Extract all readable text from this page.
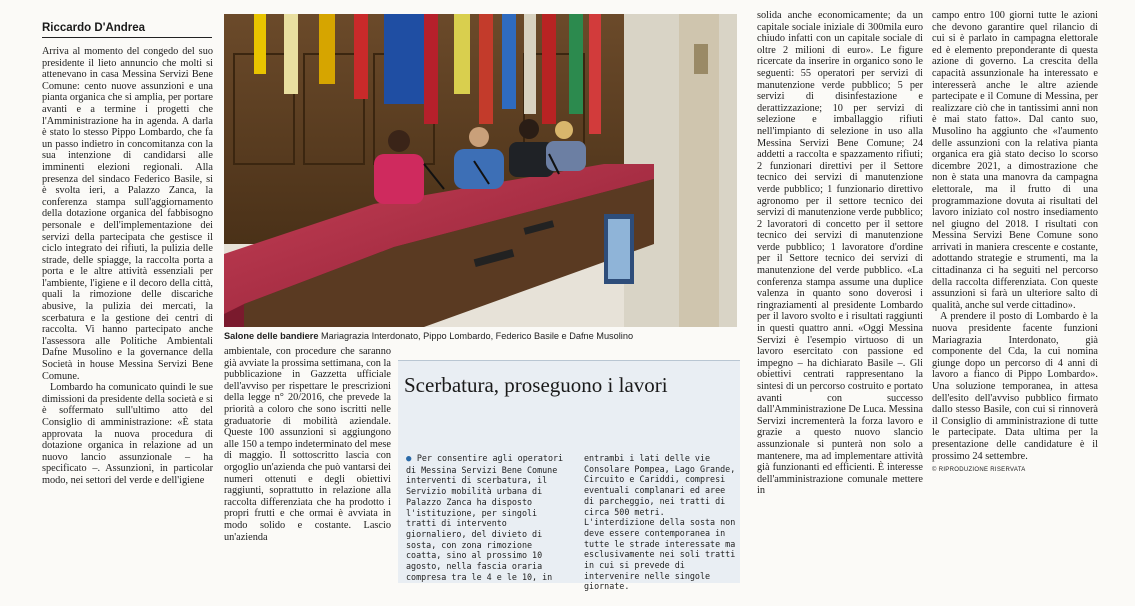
Riccardo D'Andrea

Arriva al momento del congedo del suo presidente il lieto annuncio che molti si attenevano in casa Messina Servizi Bene Comune: cento nuove assunzioni e una pianta organica che si amplia, per portare avanti e a termine i progetti che l'Amministrazione ha in agenda. A darla è stato lo stesso Pippo Lombardo, che fa un passo indietro in concomitanza con la sua intenzione di candidarsi alle imminenti elezioni regionali. Alla presenza del sindaco Federico Basile, si è svolta ieri, a Palazzo Zanca, la conferenza stampa sull'aggiornamento della dotazione organica del fabbisogno personale e dell'implementazione dei servizi della partecipata che gestisce il ciclo integrato dei rifiuti, la pulizia delle strade, delle spiagge, la raccolta porta a porta e le altre attività essenziali per l'ambiente, l'igiene e il decoro della città, quali la rimozione delle discariche abusive, la pulizia dei mercati, la scerbatura e la gestione dei centri di raccolta. Vi hanno partecipato anche l'assessora alle Politiche Ambientali Dafne Musolino e la governance della Società in house Messina Servizi Bene Comune.

Lombardo ha comunicato quindi le sue dimissioni da presidente della società e si è soffermato sull'ultimo atto del Consiglio di amministrazione: «È stata approvata la nuova procedura di dotazione organica in relazione ad un nuovo lancio assunzionale – ha specificato –. Assunzioni, in particolar modo, nei settori del verde e dell'igiene

Salone delle bandiere Mariagrazia Interdonato, Pippo Lombardo, Federico Basile e Dafne Musolino

ambientale, con procedure che saranno già avviate la prossima settimana, con la pubblicazione in Gazzetta ufficiale dell'avviso per rispettare le prescrizioni della legge n° 20/2016, che prevede la priorità a coloro che sono iscritti nelle graduatorie di mobilità aziendale. Queste 100 assunzioni si aggiungono alle 150 a tempo indeterminato del mese di maggio. Il sottoscritto lascia con orgoglio un'azienda che può vantarsi dei numeri ottenuti e degli obiettivi raggiunti, soprattutto in relazione alla raccolta differenziata che ha prodotto i propri frutti e che ormai è avviata in modo solido e costante. Lascio un'azienda

Scerbatura, proseguono i lavori
● Per consentire agli operatori di Messina Servizi Bene Comune interventi di scerbatura, il Servizio mobilità urbana di Palazzo Zanca ha disposto l'istituzione, per singoli tratti di intervento giornaliero, del divieto di sosta, con zona rimozione coatta, sino al prossimo 10 agosto, nella fascia oraria compresa tra le 4 e le 10, in
entrambi i lati delle vie Consolare Pompea, Lago Grande, Circuito e Cariddi, compresi eventuali complanari ed aree di parcheggio, nei tratti di circa 500 metri. L'interdizione della sosta non deve essere contemporanea in tutte le strade interessate ma esclusivamente nei soli tratti in cui si prevede di intervenire nelle singole giornate.

solida anche economicamente; da un capitale sociale iniziale di 300mila euro chiudo infatti con un capitale sociale di oltre 2 milioni di euro». Le figure ricercate da inserire in organico sono le seguenti: 55 operatori per servizi di manutenzione verde pubblico; 5 per servizi di disinfestazione e derattizzazione; 10 per servizi di selezione e imballaggio rifiuti nell'impianto di selezione in uso alla Messina Servizi Bene Comune; 24 addetti a raccolta e spazzamento rifiuti; 2 funzionari direttivi per il Settore tecnico dei servizi di manutenzione verde pubblico; 1 funzionario direttivo agronomo per il settore tecnico dei servizi di manutenzione verde pubblico; 2 lavoratori di concetto per il settore tecnico dei servizi di manutenzione verde pubblico; 1 lavoratore d'ordine per il Settore tecnico dei servizi di manutenzione del verde pubblico. «La conferenza stampa assume una duplice valenza in quanto sono doverosi i ringraziamenti al presidente Lombardo per il lavoro svolto e i risultati raggiunti in questi quattro anni. «Oggi Messina Servizi è l'esempio virtuoso di un lavoro esercitato con passione ed impegno – ha dichiarato Basile –. Gli obiettivi centrati rappresentano la sintesi di un percorso costruito e portato avanti con successo dall'Amministrazione De Luca. Messina Servizi incrementerà la forza lavoro e grazie a questo nuovo slancio assunzionale si punterà non solo a mantenere, ma ad implementare attività già funzionanti ed efficienti. È interesse dell'amministrazione comunale mettere in

campo entro 100 giorni tutte le azioni che devono garantire quel rilancio di cui si è parlato in campagna elettorale ed è elemento preponderante di questa azione di governo. La crescita della capacità assunzionale ha interessato e interesserà anche le altre aziende partecipate e il Comune di Messina, per realizzare ciò che in tantissimi anni non è mai stato fatto». Dal canto suo, Musolino ha aggiunto che «l'aumento delle assunzioni con la relativa pianta organica era già stato deciso lo scorso dicembre 2021, a dimostrazione che non è stata una manovra da campagna elettorale, ma il frutto di una programmazione dovuta ai risultati del lavoro iniziato col nostro insediamento nel giugno del 2018. I risultati con Messina Servizi Bene Comune sono arrivati in maniera crescente e costante, adottando strategie e strumenti, ma la cittadinanza ci ha seguiti nel percorso della raccolta differenziata. Con queste assunzioni si farà un ulteriore salto di qualità, anche sul verde cittadino».

A prendere il posto di Lombardo è la nuova presidente facente funzioni Mariagrazia Interdonato, già componente del Cda, la cui nomina giunge dopo un percorso di 4 anni di lavoro a fianco di Pippo Lombardo». Una soluzione temporanea, in attesa dell'esito dell'avviso pubblico firmato dallo stesso Basile, con cui si rinnoverà il Consiglio di amministrazione di tutte le partecipate. Data ultima per la presentazione delle candidature è il prossimo 24 settembre.

© RIPRODUZIONE RISERVATA
